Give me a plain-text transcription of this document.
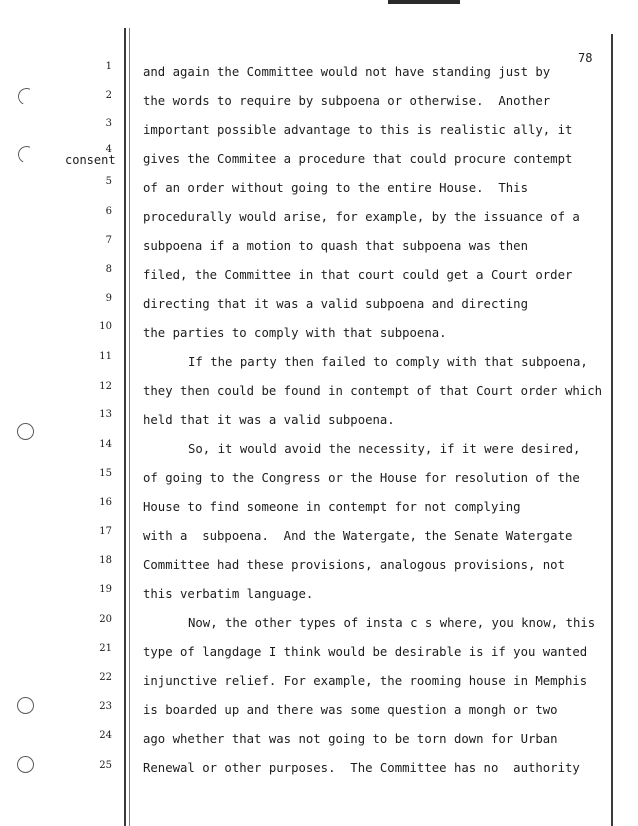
78
consent
1
2
3
4
5
6
7
8
9
10
11
12
13
14
15
16
17
18
19
20
21
22
23
24
25
and again the Committee would not have standing just by
the words to require by subpoena or otherwise.  Another
important possible advantage to this is realistic ally, it
gives the Commitee a procedure that could procure contempt
of an order without going to the entire House.  This
procedurally would arise, for example, by the issuance of a
subpoena if a motion to quash that subpoena was then
filed, the Committee in that court could get a Court order
directing that it was a valid subpoena and directing
the parties to comply with that subpoena.
If the party then failed to comply with that subpoena,
they then could be found in contempt of that Court order which
held that it was a valid subpoena.
So, it would avoid the necessity, if it were desired,
of going to the Congress or the House for resolution of the
House to find someone in contempt for not complying
with a  subpoena.  And the Watergate, the Senate Watergate
Committee had these provisions, analogous provisions, not
this verbatim language.
Now, the other types of insta c s where, you know, this
type of langdage I think would be desirable is if you wanted
injunctive relief. For example, the rooming house in Memphis
is boarded up and there was some question a mongh or two
ago whether that was not going to be torn down for Urban
Renewal or other purposes.  The Committee has no  authority
